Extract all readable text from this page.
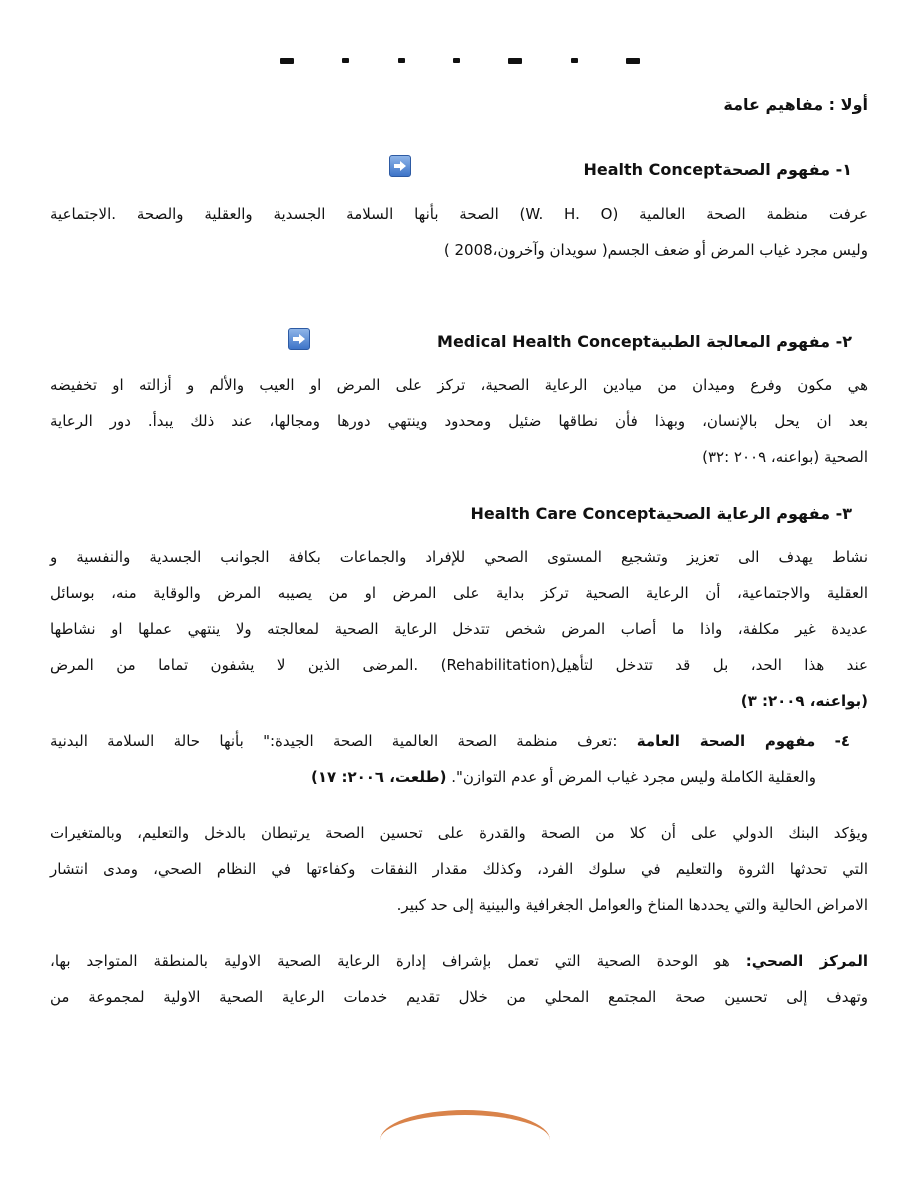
أولا : مفاهيم عامة
١- مفهوم الصحةHealth Concept
عرفت منظمة الصحة العالمية (W. H. O) الصحة بأنها السلامة الجسدية والعقلية والصحة .الاجتماعية
وليس مجرد غياب المرض أو ضعف الجسم( سويدان وآخرون،2008 )
٢- مفهوم المعالجة الطبيةMedical Health Concept
هي مكون وفرع وميدان من ميادين الرعاية الصحية، تركز على المرض او العيب والألم و أزالته او تخفيضه
بعد ان يحل بالإنسان، وبهذا فأن نطاقها ضئيل ومحدود وينتهي دورها ومجالها، عند ذلك يبدأ. دور الرعاية
الصحية (بواعنه، ٢٠٠٩ :٣٢)
٣- مفهوم الرعاية الصحيةHealth Care Concept
نشاط يهدف الى تعزيز وتشجيع المستوى الصحي للإفراد والجماعات بكافة الجوانب الجسدية والنفسية و
العقلية والاجتماعية، أن الرعاية الصحية تركز بداية على المرض او من يصيبه المرض والوقاية منه، بوسائل
عديدة غير مكلفة، واذا ما أصاب المرض شخص تتدخل الرعاية الصحية لمعالجته ولا ينتهي عملها او نشاطها
عند هذا الحد، بل قد تتدخل لتأهيل(Rehabilitation) .المرضى الذين لا يشفون تماما من المرض
(بواعنه، ٢٠٠٩: ٣)
٤- مفهوم الصحة العامة :تعرف منظمة الصحة العالمية الصحة الجيدة:" بأنها حالة السلامة البدنية
والعقلية الكاملة وليس مجرد غياب المرض أو عدم التوازن". (طلعت، ٢٠٠٦: ١٧)
ويؤكد البنك الدولي على أن كلا من الصحة والقدرة على تحسين الصحة يرتبطان بالدخل والتعليم، وبالمتغيرات
التي تحدثها الثروة والتعليم في سلوك الفرد، وكذلك مقدار النفقات وكفاءتها في النظام الصحي، ومدى انتشار
الامراض الحالية والتي يحددها المناخ والعوامل الجغرافية والبينية إلى حد كبير.
المركز الصحي: هو الوحدة الصحية التي تعمل بإشراف إدارة الرعاية الصحية الاولية بالمنطقة المتواجد بها،
وتهدف إلى تحسين صحة المجتمع المحلي من خلال تقديم خدمات الرعاية الصحية الاولية لمجموعة من
